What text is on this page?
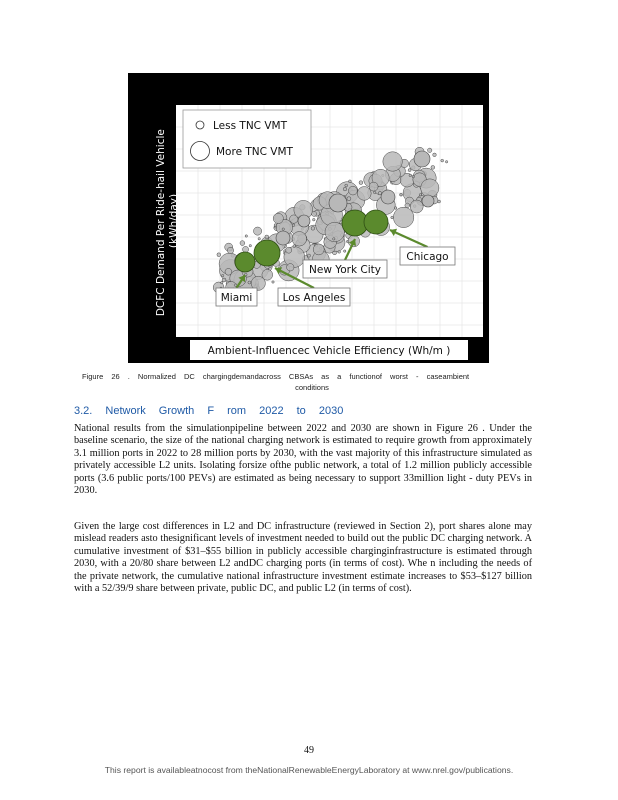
Miami	Los Angeles
New York City
Chicago
Less TNC VMT
More TNC VMT
DCFC Demand Per Ride-hail Vehicle (kWh/day)
Ambient-Influencec Vehicle Efficiency (Wh/m )
Figure 26 . Normalized DC chargingdemandacross CBSAs as a functionof worst - caseambient
conditions
3.2. Network Growth F rom 2022 to 2030

National results from the simulationpipeline between 2022 and 2030 are shown in Figure 26 . Under the baseline scenario, the size of the national charging network is estimated to require growth from approximately 3.1 million ports in 2022 to 28 million ports by 2030, with the vast majority of this infrastructure simulated as privately accessible L2 units. Isolating forsize ofthe public network, a total of 1.2 million publicly accessible ports (3.6 public ports/100 PEVs) are estimated as being necessary to support 33million light - duty PEVs in 2030.

Given the large cost differences in L2 and DC infrastructure (reviewed in Section 2), port shares alone may mislead readers asto thesignificant levels of investment needed to build out the public DC charging network. A cumulative investment of $31–$55 billion in publicly accessible charginginfrastructure is estimated through 2030, with a 20/80 share between L2 andDC charging ports (in terms of cost). Whe n including the needs of the private network, the cumulative national infrastructure investment estimate increases to $53–$127 billion with a 52/39/9 share between private, public DC, and public L2 (in terms of cost).

49
This report is availableatnocost from theNationalRenewableEnergyLaboratory at www.nrel.gov/publications.
